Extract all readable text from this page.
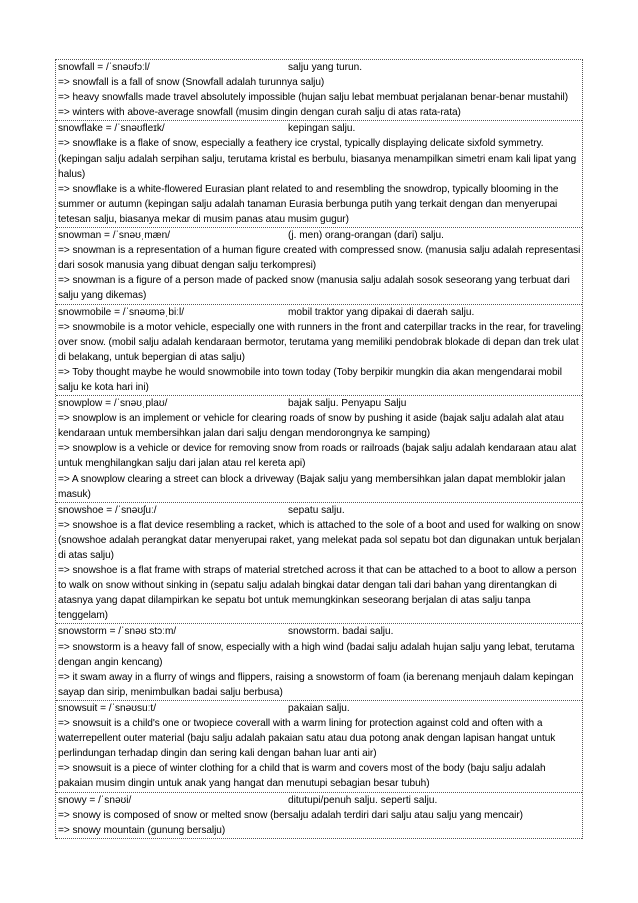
snowfall = /ˈsnəʊfɔːl/	salju yang turun.
=> snowfall is a fall of snow (Snowfall adalah turunnya salju)
=> heavy snowfalls made travel absolutely impossible (hujan salju lebat membuat perjalanan benar-benar mustahil)
=> winters with above-average snowfall (musim dingin dengan curah salju di atas rata-rata)
snowflake = /ˈsnəʊfleɪk/	kepingan salju.
=> snowflake is a flake of snow, especially a feathery ice crystal, typically displaying delicate sixfold symmetry. (kepingan salju adalah serpihan salju, terutama kristal es berbulu, biasanya menampilkan simetri enam kali lipat yang halus)
=> snowflake is a white-flowered Eurasian plant related to and resembling the snowdrop, typically blooming in the summer or autumn (kepingan salju adalah tanaman Eurasia berbunga putih yang terkait dengan dan menyerupai tetesan salju, biasanya mekar di musim panas atau musim gugur)
snowman = /ˈsnəʊˌmæn/	(j. men) orang-orangan (dari) salju.
=> snowman is a representation of a human figure created with compressed snow. (manusia salju adalah representasi dari sosok manusia yang dibuat dengan salju terkompresi)
=> snowman is a figure of a person made of packed snow (manusia salju adalah sosok seseorang yang terbuat dari salju yang dikemas)
snowmobile = /ˈsnəʊməˌbiːl/	mobil traktor yang dipakai di daerah salju.
=> snowmobile is a motor vehicle, especially one with runners in the front and caterpillar tracks in the rear, for traveling over snow. (mobil salju adalah kendaraan bermotor, terutama yang memiliki pendobrak blokade di depan dan trek ulat di belakang, untuk bepergian di atas salju)
=> Toby thought maybe he would snowmobile into town today (Toby berpikir mungkin dia akan mengendarai mobil salju ke kota hari ini)
snowplow = /ˈsnəʊˌplaʊ/	bajak salju. Penyapu Salju
=> snowplow is an implement or vehicle for clearing roads of snow by pushing it aside (bajak salju adalah alat atau kendaraan untuk membersihkan jalan dari salju dengan mendorongnya ke samping)
=> snowplow is a vehicle or device for removing snow from roads or railroads (bajak salju adalah kendaraan atau alat untuk menghilangkan salju dari jalan atau rel kereta api)
=> A snowplow clearing a street can block a driveway (Bajak salju yang membersihkan jalan dapat memblokir jalan masuk)
snowshoe = /ˈsnəʊʃuː/	sepatu salju.
=> snowshoe is a flat device resembling a racket, which is attached to the sole of a boot and used for walking on snow (snowshoe adalah perangkat datar menyerupai raket, yang melekat pada sol sepatu bot dan digunakan untuk berjalan di atas salju)
=> snowshoe is a flat frame with straps of material stretched across it that can be attached to a boot to allow a person to walk on snow without sinking in (sepatu salju adalah bingkai datar dengan tali dari bahan yang direntangkan di atasnya yang dapat dilampirkan ke sepatu bot untuk memungkinkan seseorang berjalan di atas salju tanpa tenggelam)
snowstorm = /ˈsnəʊ stɔːm/	snowstorm. badai salju.
=> snowstorm is a heavy fall of snow, especially with a high wind (badai salju adalah hujan salju yang lebat, terutama dengan angin kencang)
=> it swam away in a flurry of wings and flippers, raising a snowstorm of foam (ia berenang menjauh dalam kepingan sayap dan sirip, menimbulkan badai salju berbusa)
snowsuit = /ˈsnəʊsuːt/	pakaian salju.
=> snowsuit is a child's one or twopiece coverall with a warm lining for protection against cold and often with a waterrepellent outer material (baju salju adalah pakaian satu atau dua potong anak dengan lapisan hangat untuk perlindungan terhadap dingin dan sering kali dengan bahan luar anti air)
=> snowsuit is a piece of winter clothing for a child that is warm and covers most of the body (baju salju adalah pakaian musim dingin untuk anak yang hangat dan menutupi sebagian besar tubuh)
snowy = /ˈsnəʊi/	ditutupi/penuh salju. seperti salju.
=> snowy is composed of snow or melted snow (bersalju adalah terdiri dari salju atau salju yang mencair)
=> snowy mountain (gunung bersalju)
